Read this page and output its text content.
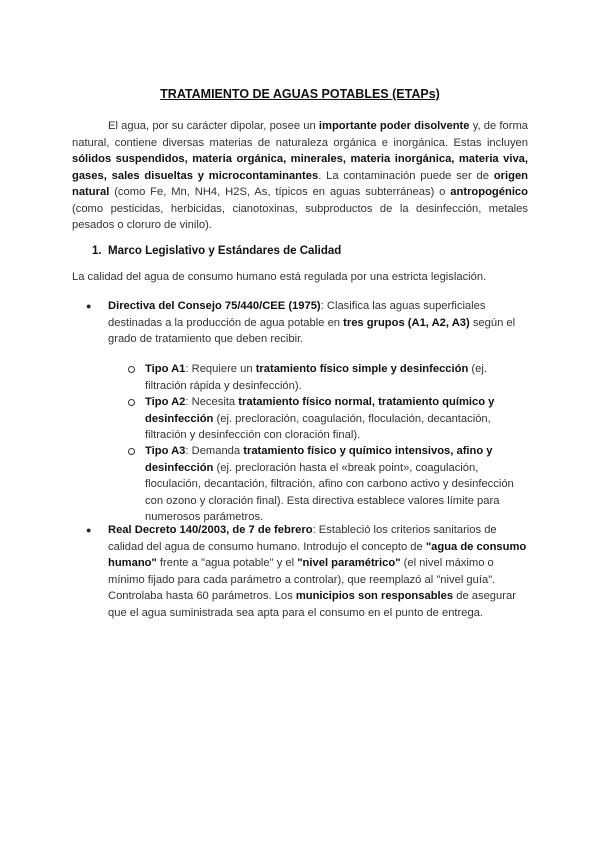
TRATAMIENTO DE AGUAS POTABLES (ETAPs)
El agua, por su carácter dipolar, posee un importante poder disolvente y, de forma natural, contiene diversas materias de naturaleza orgánica e inorgánica. Estas incluyen sólidos suspendidos, materia orgánica, minerales, materia inorgánica, materia viva, gases, sales disueltas y microcontaminantes. La contaminación puede ser de origen natural (como Fe, Mn, NH4, H2S, As, típicos en aguas subterráneas) o antropogénico (como pesticidas, herbicidas, cianotoxinas, subproductos de la desinfección, metales pesados o cloruro de vinilo).
1. Marco Legislativo y Estándares de Calidad
La calidad del agua de consumo humano está regulada por una estricta legislación.
● Directiva del Consejo 75/440/CEE (1975): Clasifica las aguas superficiales destinadas a la producción de agua potable en tres grupos (A1, A2, A3) según el grado de tratamiento que deben recibir.
Tipo A1: Requiere un tratamiento físico simple y desinfección (ej. filtración rápida y desinfección).
Tipo A2: Necesita tratamiento físico normal, tratamiento químico y desinfección (ej. precloración, coagulación, floculación, decantación, filtración y desinfección con cloración final).
Tipo A3: Demanda tratamiento físico y químico intensivos, afino y desinfección (ej. precloración hasta el «break point», coagulación, floculación, decantación, filtración, afino con carbono activo y desinfección con ozono y cloración final). Esta directiva establece valores límite para numerosos parámetros.
● Real Decreto 140/2003, de 7 de febrero: Estableció los criterios sanitarios de calidad del agua de consumo humano. Introdujo el concepto de "agua de consumo humano" frente a "agua potable" y el "nivel paramétrico" (el nivel máximo o mínimo fijado para cada parámetro a controlar), que reemplazó al "nivel guía". Controlaba hasta 60 parámetros. Los municipios son responsables de asegurar que el agua suministrada sea apta para el consumo en el punto de entrega.
